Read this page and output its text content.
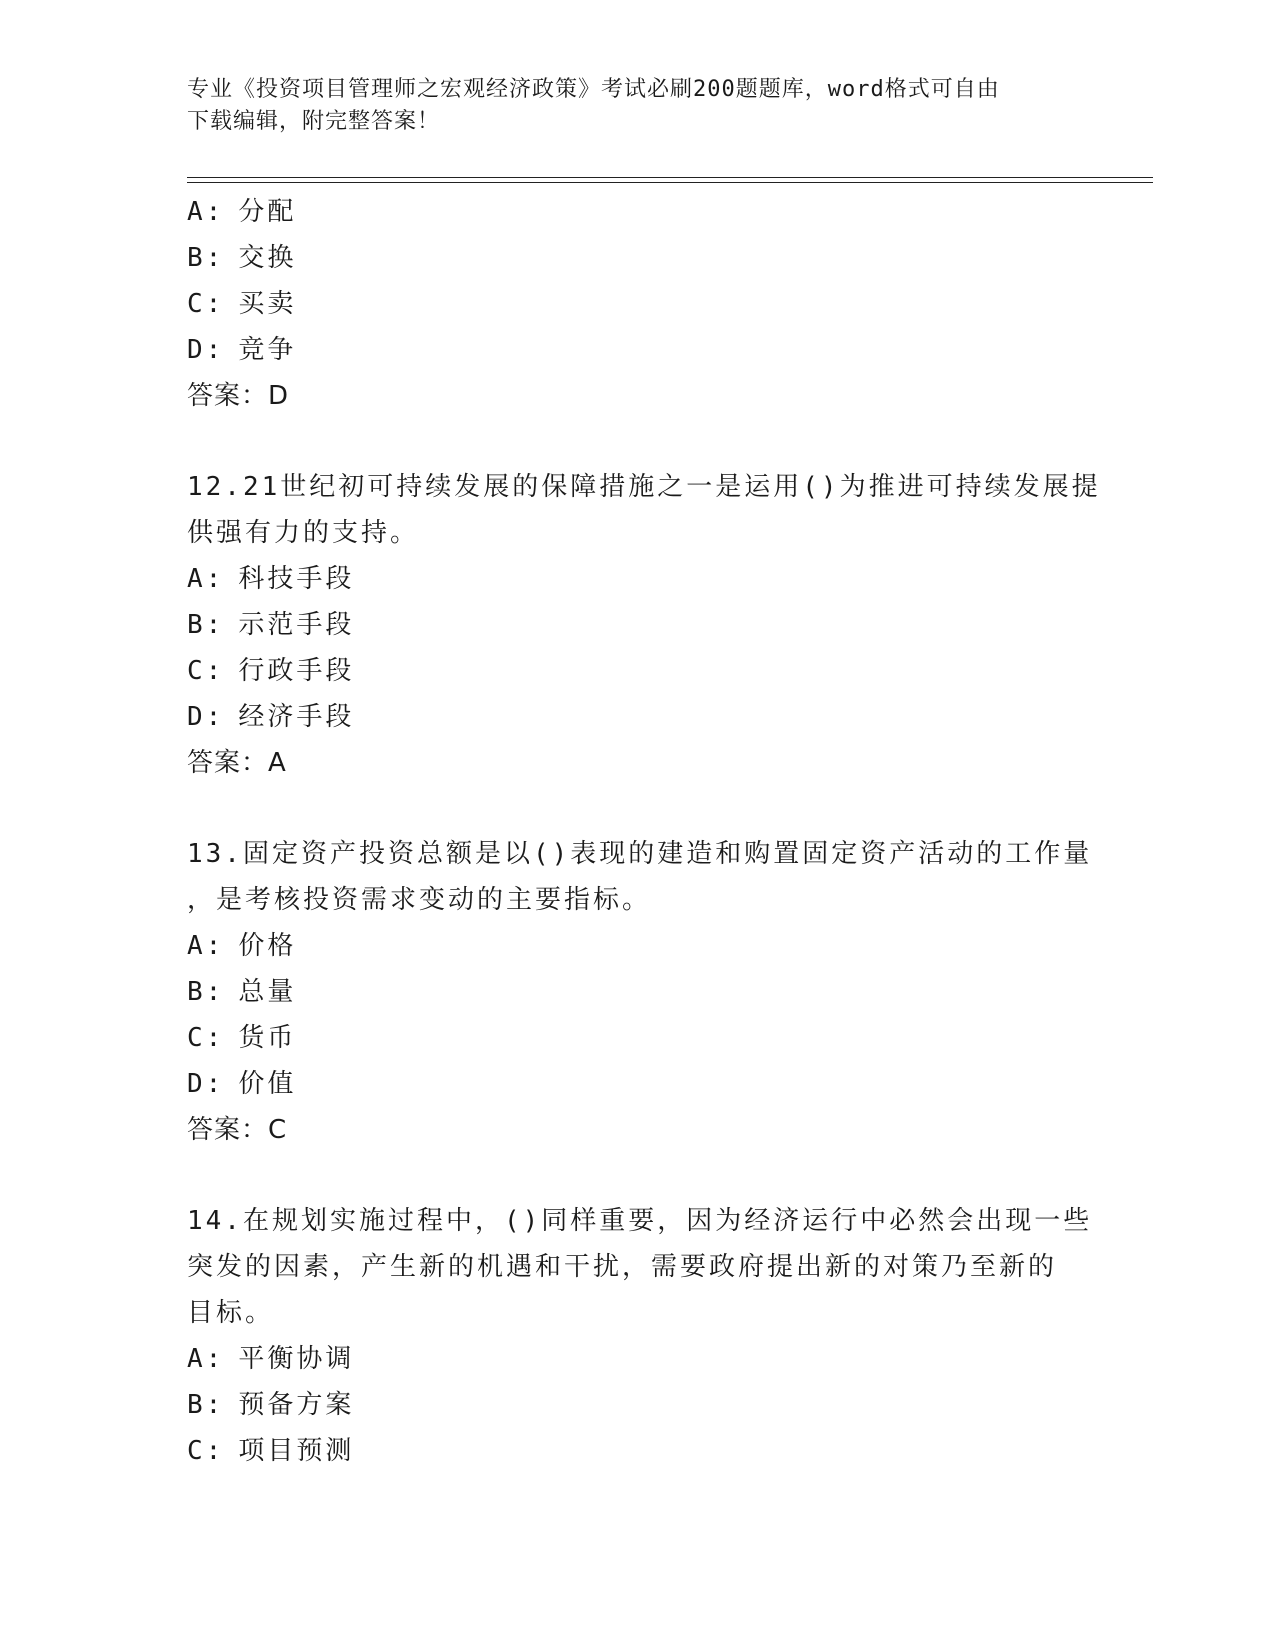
专业《投资项目管理师之宏观经济政策》考试必刷200题题库，word格式可自由
下载编辑，附完整答案！
A: 分配
B: 交换
C: 买卖
D: 竞争
答案：D
12.21世纪初可持续发展的保障措施之一是运用()为推进可持续发展提
供强有力的支持。
A: 科技手段
B: 示范手段
C: 行政手段
D: 经济手段
答案：A
13.固定资产投资总额是以()表现的建造和购置固定资产活动的工作量
，是考核投资需求变动的主要指标。
A: 价格
B: 总量
C: 货币
D: 价值
答案：C
14.在规划实施过程中，()同样重要，因为经济运行中必然会出现一些
突发的因素，产生新的机遇和干扰，需要政府提出新的对策乃至新的
目标。
A: 平衡协调
B: 预备方案
C: 项目预测
